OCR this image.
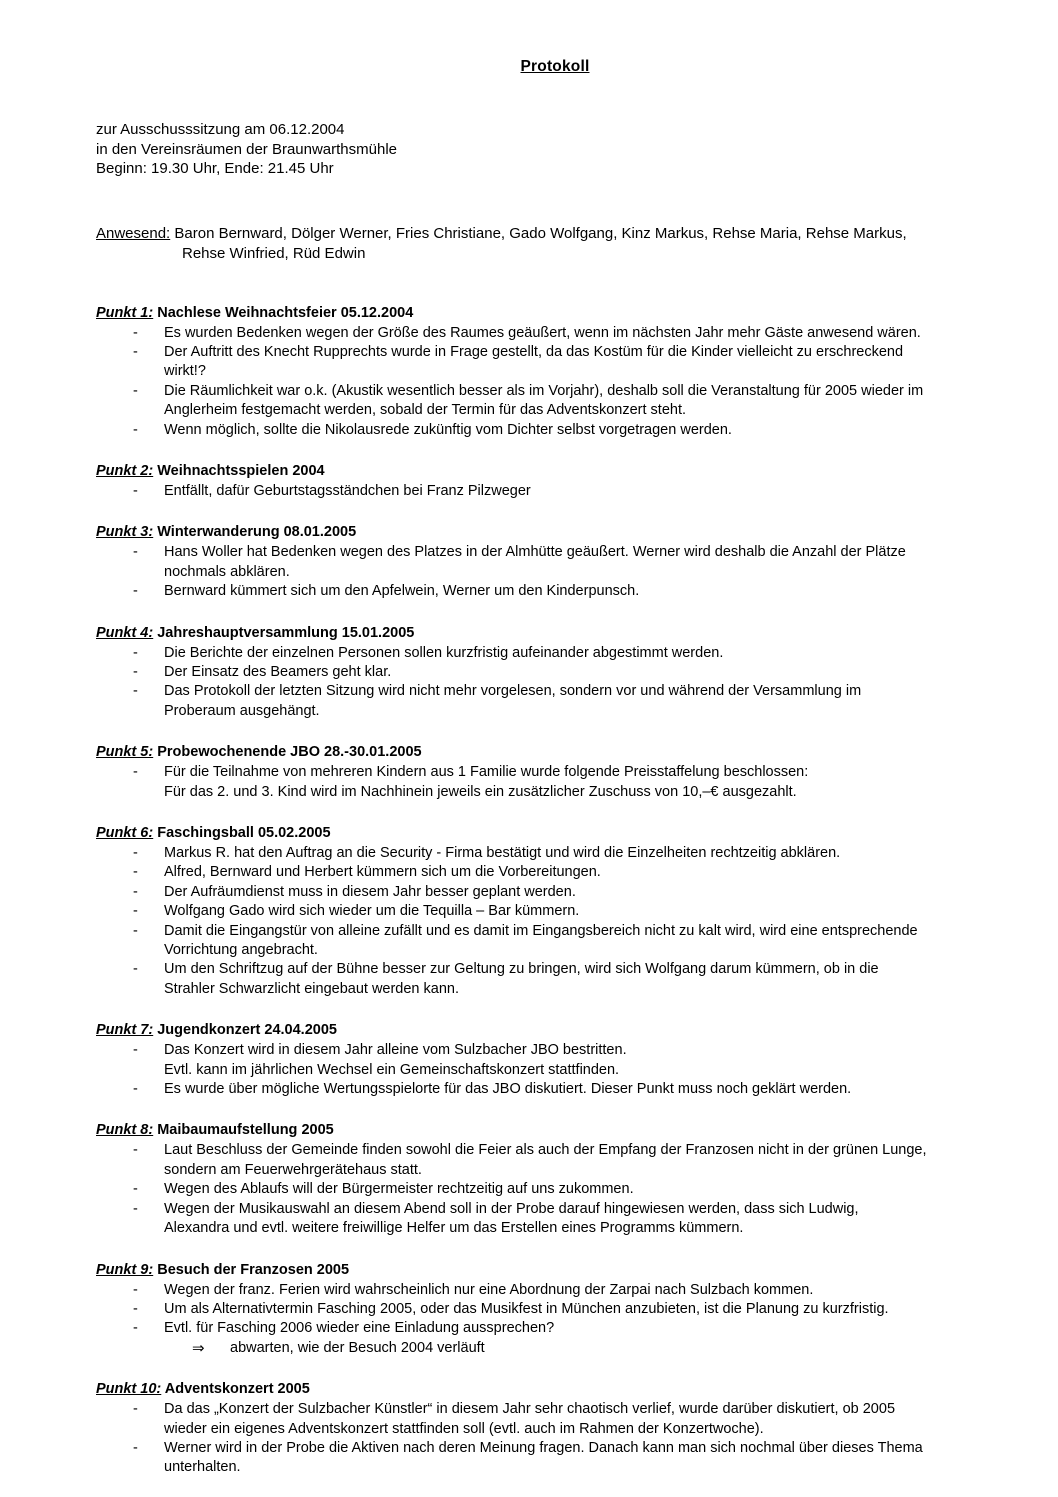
Protokoll
zur Ausschusssitzung am 06.12.2004
in den Vereinsräumen der Braunwarthsmühle
Beginn: 19.30 Uhr, Ende: 21.45 Uhr
Anwesend: Baron Bernward, Dölger Werner, Fries Christiane, Gado Wolfgang, Kinz Markus, Rehse Maria, Rehse Markus,
Rehse Winfried, Rüd Edwin
Punkt 1: Nachlese Weihnachtsfeier 05.12.2004
- Es wurden Bedenken wegen der Größe des Raumes geäußert, wenn im nächsten Jahr mehr Gäste anwesend wären.
- Der Auftritt des Knecht Rupprechts wurde in Frage gestellt, da das Kostüm für die Kinder vielleicht zu erschreckend
wirkt!?
- Die Räumlichkeit war o.k. (Akustik wesentlich besser als im Vorjahr), deshalb soll die Veranstaltung für 2005 wieder im
Anglerheim festgemacht werden, sobald der Termin für das Adventskonzert steht.
- Wenn möglich, sollte die Nikolausrede zukünftig vom Dichter selbst vorgetragen werden.
Punkt 2: Weihnachtsspielen 2004
- Entfällt, dafür Geburtstagsständchen bei Franz Pilzweger
Punkt 3: Winterwanderung 08.01.2005
- Hans Woller hat Bedenken wegen des Platzes in der Almhütte geäußert. Werner wird deshalb die Anzahl der Plätze
nochmals abklären.
- Bernward kümmert sich um den Apfelwein, Werner um den Kinderpunsch.
Punkt 4: Jahreshauptversammlung 15.01.2005
- Die Berichte der einzelnen Personen sollen kurzfristig aufeinander abgestimmt werden.
- Der Einsatz des Beamers geht klar.
- Das Protokoll der letzten Sitzung wird nicht mehr vorgelesen, sondern vor und während der Versammlung im
Proberaum ausgehängt.
Punkt 5: Probewochenende JBO 28.-30.01.2005
- Für die Teilnahme von mehreren Kindern aus 1 Familie wurde folgende Preisstaffelung beschlossen:
Für das 2. und 3. Kind wird im Nachhinein jeweils ein zusätzlicher Zuschuss von 10,–€ ausgezahlt.
Punkt 6: Faschingsball 05.02.2005
- Markus R. hat den Auftrag an die Security - Firma bestätigt und wird die Einzelheiten rechtzeitig abklären.
- Alfred, Bernward und Herbert kümmern sich um die Vorbereitungen.
- Der Aufräumdienst muss in diesem Jahr besser geplant werden.
- Wolfgang Gado wird sich wieder um die Tequilla – Bar kümmern.
- Damit die Eingangstür von alleine zufällt und es damit im Eingangsbereich nicht zu kalt wird, wird eine entsprechende
Vorrichtung angebracht.
- Um den Schriftzug auf der Bühne besser zur Geltung zu bringen, wird sich Wolfgang darum kümmern, ob in die
Strahler Schwarzlicht eingebaut werden kann.
Punkt 7: Jugendkonzert 24.04.2005
- Das Konzert wird in diesem Jahr alleine vom Sulzbacher JBO bestritten.
Evtl. kann im jährlichen Wechsel ein Gemeinschaftskonzert stattfinden.
- Es wurde über mögliche Wertungsspielorte für das JBO diskutiert. Dieser Punkt muss noch geklärt werden.
Punkt 8: Maibaumaufstellung 2005
- Laut Beschluss der Gemeinde finden sowohl die Feier als auch der Empfang der Franzosen nicht in der grünen Lunge,
sondern am Feuerwehrgerätehaus statt.
- Wegen des Ablaufs will der Bürgermeister rechtzeitig auf uns zukommen.
- Wegen der Musikauswahl an diesem Abend soll in der Probe darauf hingewiesen werden, dass sich Ludwig,
Alexandra und evtl. weitere freiwillige Helfer um das Erstellen eines Programms kümmern.
Punkt 9: Besuch der Franzosen 2005
- Wegen der franz. Ferien wird wahrscheinlich nur eine Abordnung der Zarpai nach Sulzbach kommen.
- Um als Alternativtermin Fasching 2005, oder das Musikfest in München anzubieten, ist die Planung zu kurzfristig.
- Evtl. für Fasching 2006 wieder eine Einladung aussprechen?
⇒ abwarten, wie der Besuch 2004 verläuft
Punkt 10: Adventskonzert 2005
- Da das „Konzert der Sulzbacher Künstler“ in diesem Jahr sehr chaotisch verlief, wurde darüber diskutiert, ob 2005
wieder ein eigenes Adventskonzert stattfinden soll (evtl. auch im Rahmen der Konzertwoche).
- Werner wird in der Probe die Aktiven nach deren Meinung fragen. Danach kann man sich nochmal über dieses Thema
unterhalten.
